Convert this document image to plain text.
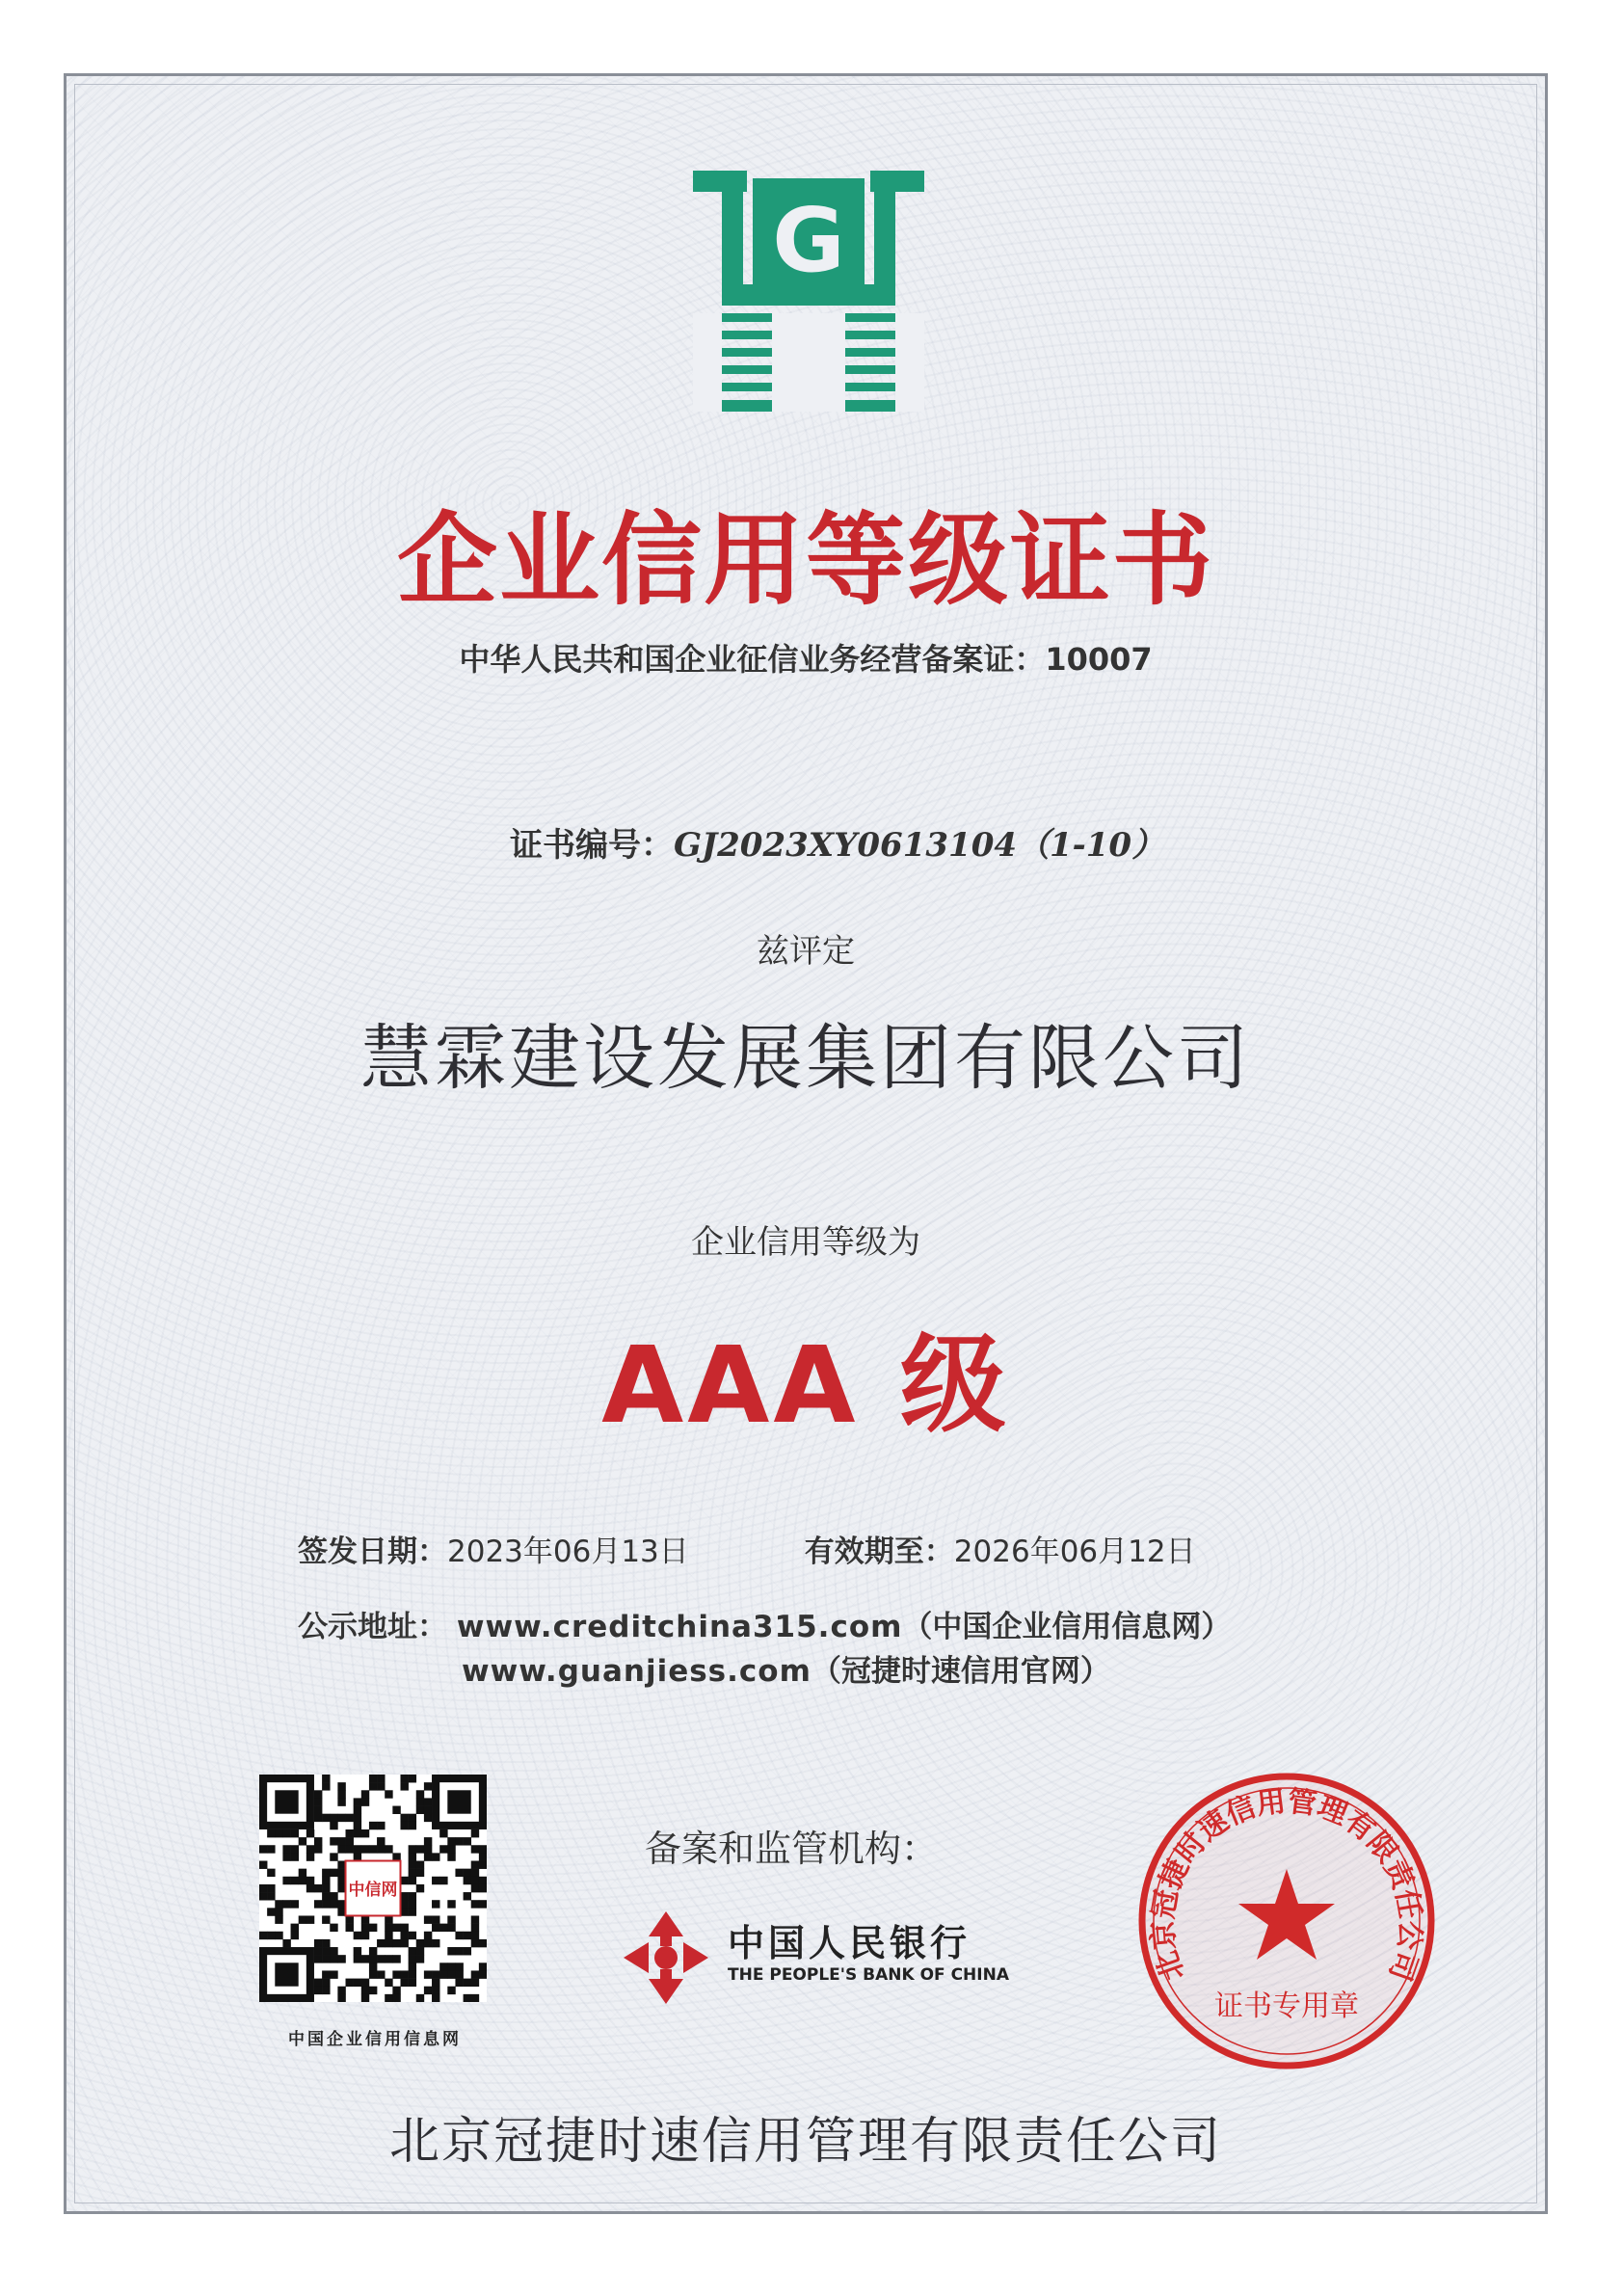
G
企业信用等级证书
中华人民共和国企业征信业务经营备案证：10007
证书编号：GJ2023XY0613104（1-10）
兹评定
慧霖建设发展集团有限公司
企业信用等级为
AAA 级
签发日期：2023年06月13日	有效期至：2026年06月12日
公示地址： www.creditchina315.com（中国企业信用信息网）
www.guanjiess.com（冠捷时速信用官网）
中信网
中国企业信用信息网
备案和监管机构：
中国人民银行
THE PEOPLE'S BANK OF CHINA	北京冠捷时速信用管理有限责任公司
证书专用章
北京冠捷时速信用管理有限责任公司
